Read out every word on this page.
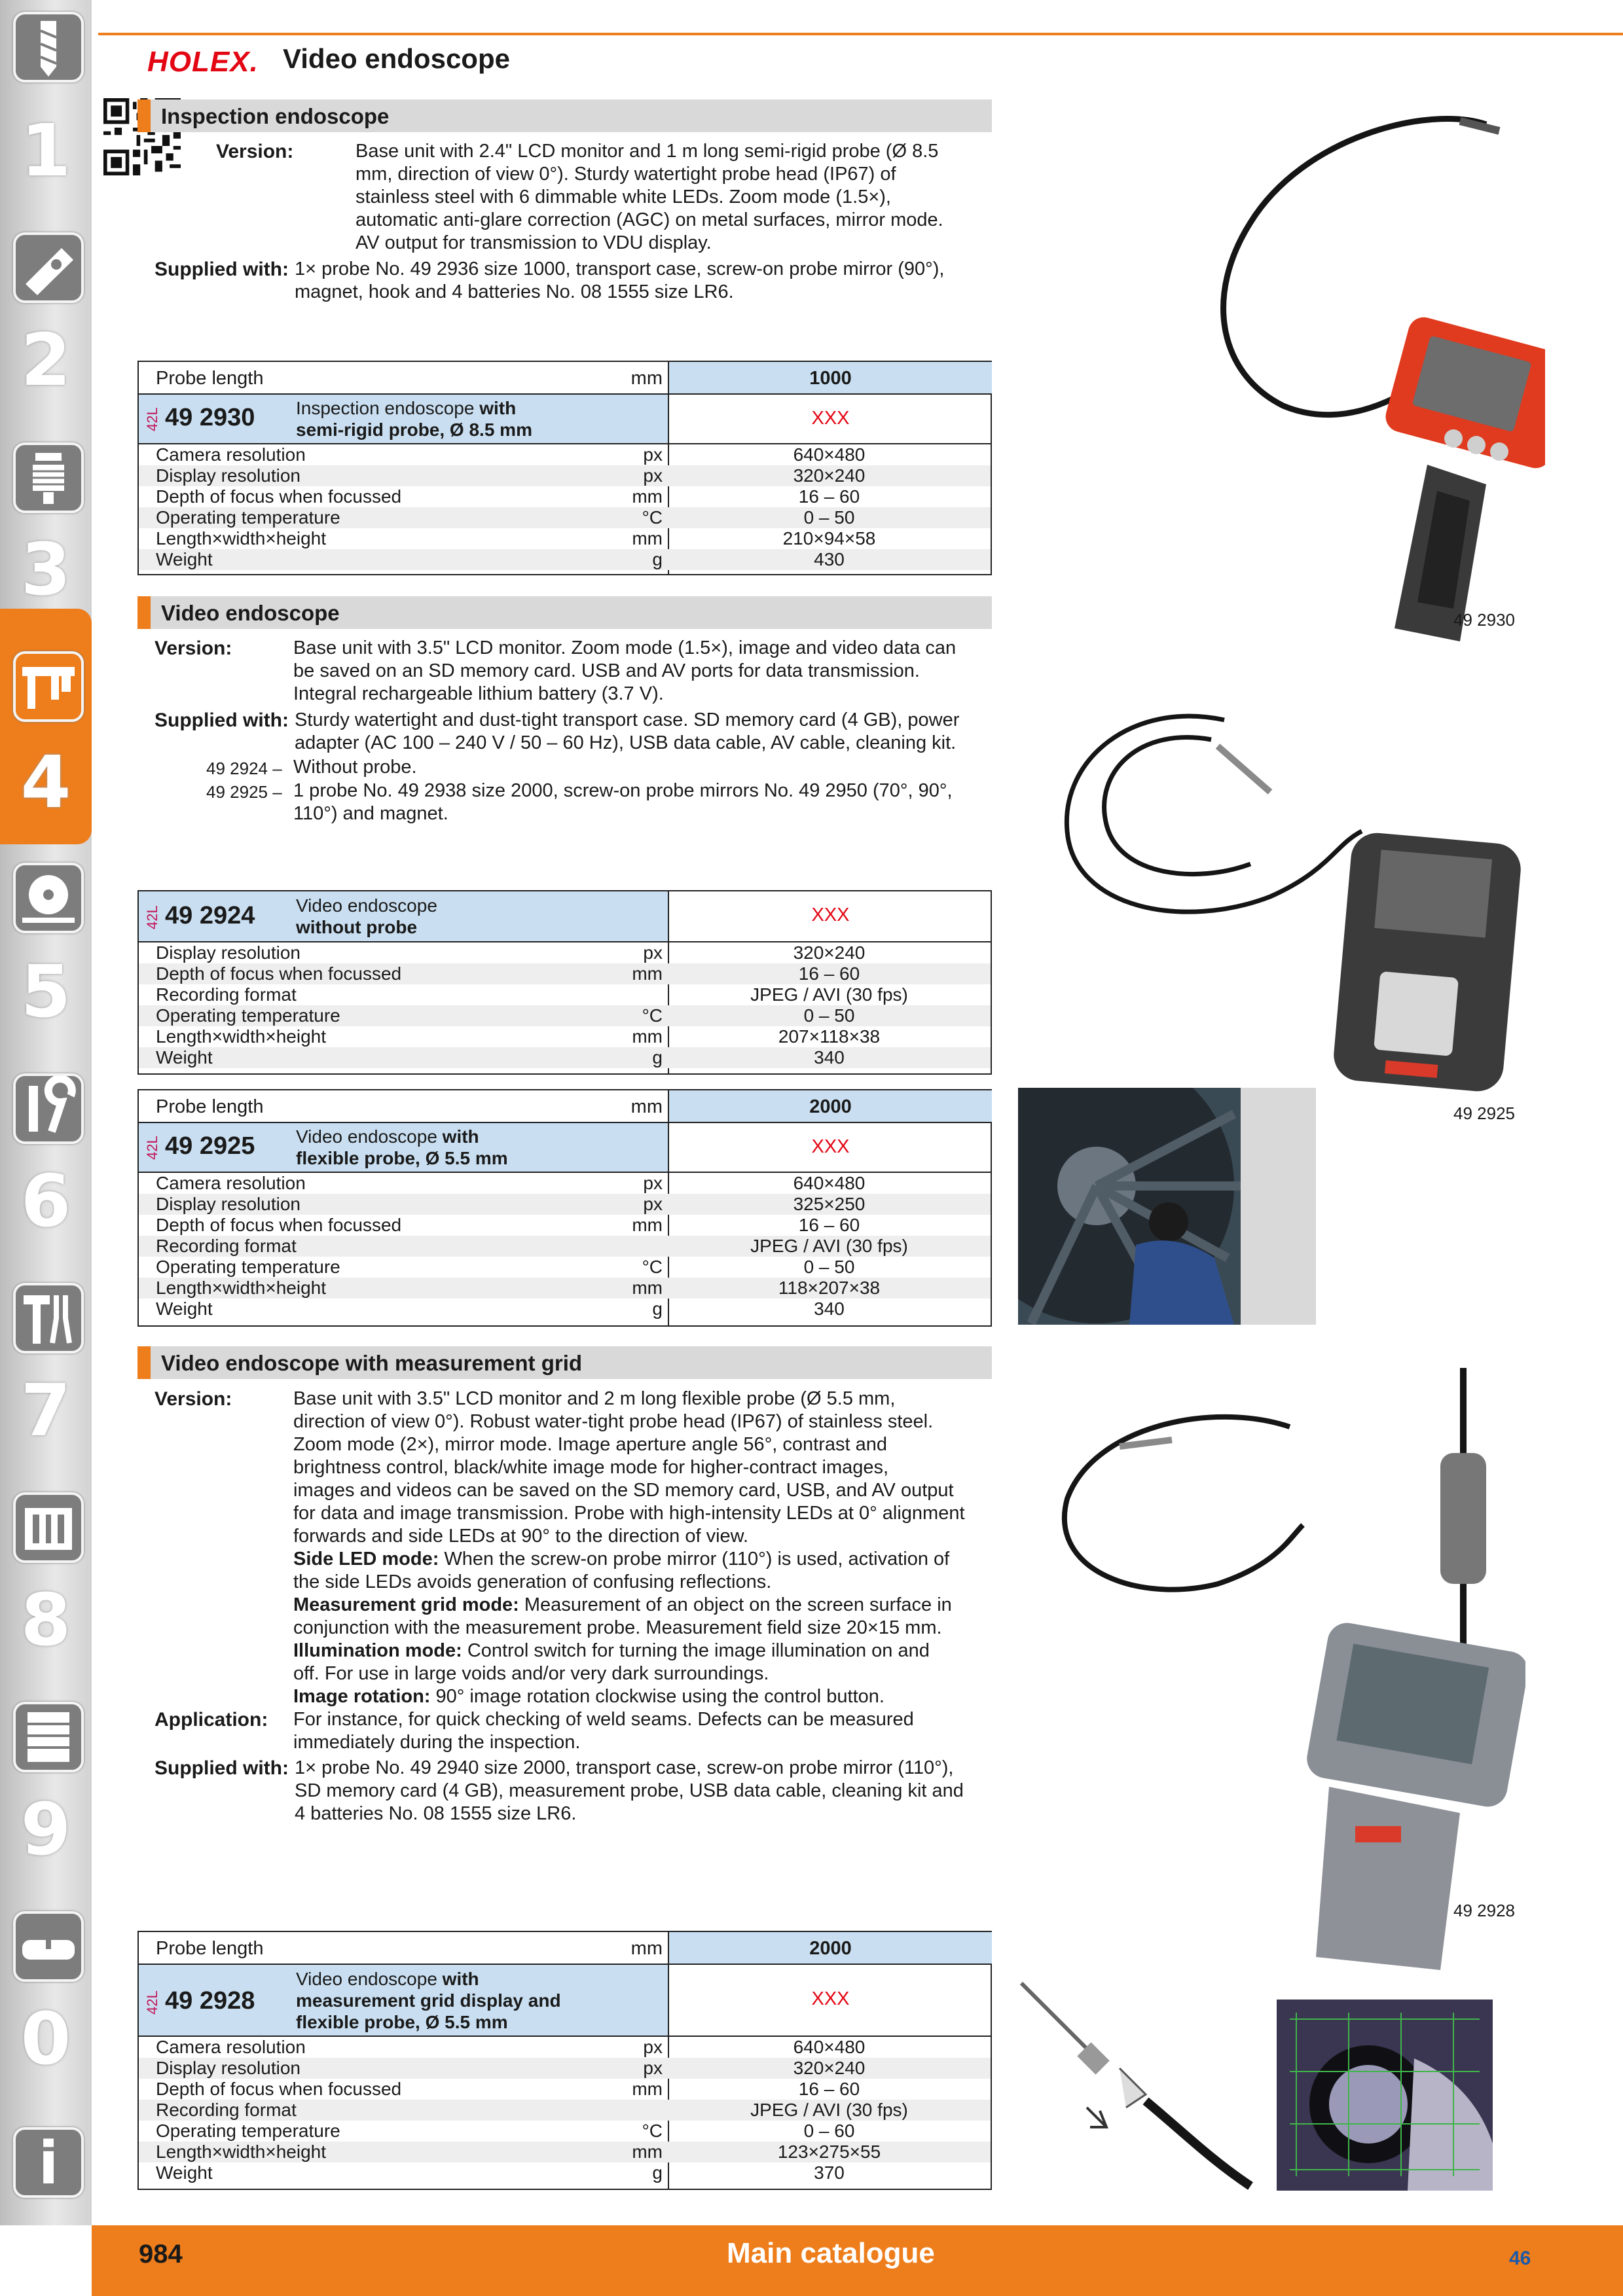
1
2
3
4
5
6
7
8
9
0
i
HOLEX. Video endoscope
Inspection endoscope
Version:	Base unit with 2.4" LCD monitor and 1 m long semi-rigid probe (Ø 8.5
mm, direction of view 0°). Sturdy watertight probe head (IP67) of
stainless steel with 6 dimmable white LEDs. Zoom mode (1.5×),
automatic anti-glare correction (AGC) on metal surfaces, mirror mode.
AV output for transmission to VDU display.
Supplied with: 1× probe No. 49 2936 size 1000, transport case, screw-on probe mirror (90°),
magnet, hook and 4 batteries No. 08 1555 size LR6.
Probe length	mm	1000
42L 49 2930 Inspection endoscope with
semi-rigid probe, Ø 8.5 mm
XXX
Camera resolution	px	640×480
Display resolution	px	320×240
Depth of focus when focussed	mm	16 – 60
Operating temperature	°C	0 – 50
Length×width×height	mm	210×94×58
Weight	g	430
Video endoscope
Version:	Base unit with 3.5" LCD monitor. Zoom mode (1.5×), image and video data can
be saved on an SD memory card. USB and AV ports for data transmission.
Integral rechargeable lithium battery (3.7 V).
Supplied with: Sturdy watertight and dust-tight transport case. SD memory card (4 GB), power
adapter (AC 100 – 240 V / 50 – 60 Hz), USB data cable, AV cable, cleaning kit.
49 2924 – Without probe.
49 2925 – 1 probe No. 49 2938 size 2000, screw-on probe mirrors No. 49 2950 (70°, 90°,
110°) and magnet.
42L 49 2924 Video endoscope
without probe
XXX
Display resolution	px	320×240
Depth of focus when focussed	mm	16 – 60
Recording format	JPEG / AVI (30 fps)
Operating temperature	°C	0 – 50
Length×width×height	mm	207×118×38
Weight	g	340
Probe length	mm	2000
42L 49 2925 Video endoscope with
flexible probe, Ø 5.5 mm
XXX
Camera resolution	px	640×480
Display resolution	px	325×250
Depth of focus when focussed	mm	16 – 60
Recording format	JPEG / AVI (30 fps)
Operating temperature	°C	0 – 50
Length×width×height	mm	118×207×38
Weight	g	340
Video endoscope with measurement grid
Version:	Base unit with 3.5" LCD monitor and 2 m long flexible probe (Ø 5.5 mm,
direction of view 0°). Robust water-tight probe head (IP67) of stainless steel.
Zoom mode (2×), mirror mode. Image aperture angle 56°, contrast and
brightness control, black/white image mode for higher-contract images,
images and videos can be saved on the SD memory card, USB, and AV output
for data and image transmission. Probe with high-intensity LEDs at 0° alignment
forwards and side LEDs at 90° to the direction of view.
Side LED mode: When the screw-on probe mirror (110°) is used, activation of
the side LEDs avoids generation of confusing reflections.
Measurement grid mode: Measurement of an object on the screen surface in
conjunction with the measurement probe. Measurement field size 20×15 mm.
Illumination mode: Control switch for turning the image illumination on and
off. For use in large voids and/or very dark surroundings.
Image rotation: 90° image rotation clockwise using the control button.
Application: For instance, for quick checking of weld seams. Defects can be measured
immediately during the inspection.
Supplied with: 1× probe No. 49 2940 size 2000, transport case, screw-on probe mirror (110°),
SD memory card (4 GB), measurement probe, USB data cable, cleaning kit and
4 batteries No. 08 1555 size LR6.
Probe length	mm	2000
42L 49 2928
Video endoscope with
measurement grid display and
flexible probe, Ø 5.5 mm
XXX
Camera resolution	px	640×480
Display resolution	px	320×240
Depth of focus when focussed	mm	16 – 60
Recording format	JPEG / AVI (30 fps)
Operating temperature	°C	0 – 60
Length×width×height	mm	123×275×55
Weight	g	370
49 2930
49 2925
49 2928
984	Main catalogue	46
